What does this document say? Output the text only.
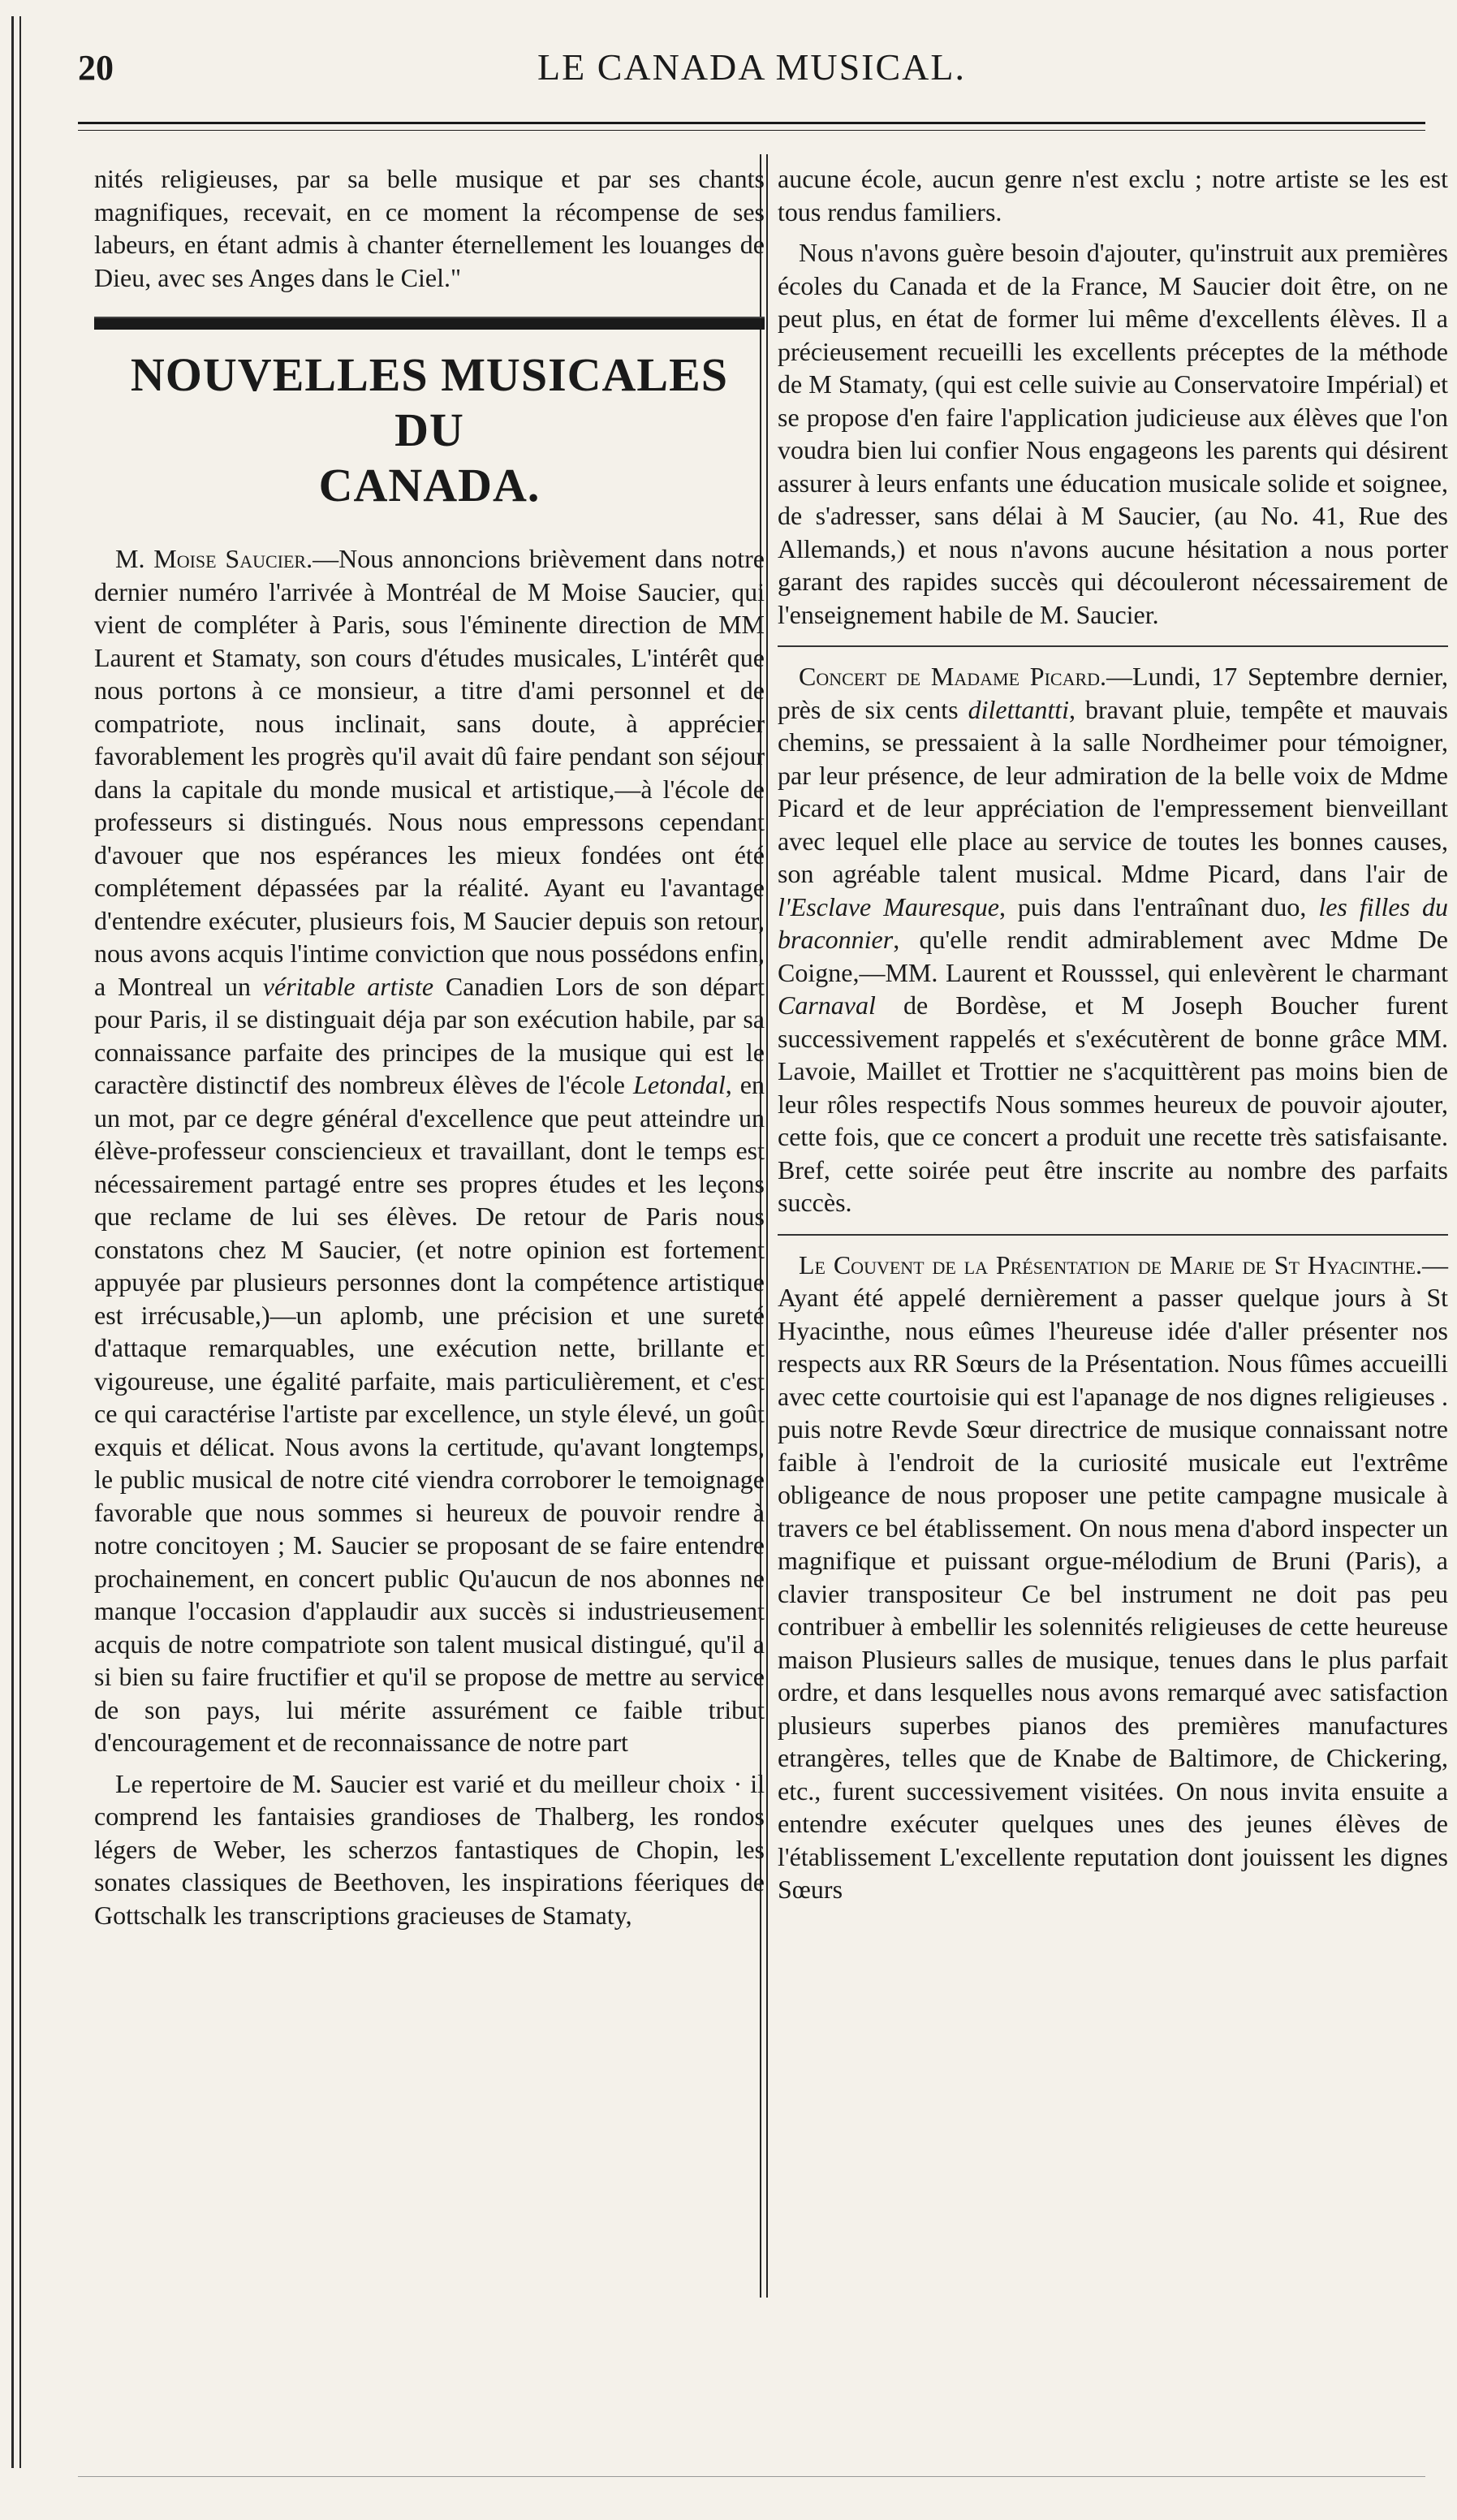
20	LE CANADA MUSICAL.

nités religieuses, par sa belle musique et par ses chants magnifiques, recevait, en ce moment la récompense de ses labeurs, en étant admis à chanter éternellement les louanges de Dieu, avec ses Anges dans le Ciel."

NOUVELLES MUSICALES DU
CANADA.

M. Moise Saucier.—Nous annoncions brièvement dans notre dernier numéro l'arrivée à Montréal de M Moise Saucier, qui vient de compléter à Paris, sous l'éminente direction de MM Laurent et Stamaty, son cours d'études musicales, L'intérêt que nous portons à ce monsieur, a titre d'ami personnel et de compatriote, nous inclinait, sans doute, à apprécier favorablement les progrès qu'il avait dû faire pendant son séjour dans la capitale du monde musical et artistique,—à l'école de professeurs si distingués. Nous nous empressons cependant d'avouer que nos espérances les mieux fondées ont été complétement dépassées par la réalité. Ayant eu l'avantage d'entendre exécuter, plusieurs fois, M Saucier depuis son retour, nous avons acquis l'intime conviction que nous possédons enfin, a Montreal un véritable artiste Canadien Lors de son départ pour Paris, il se distinguait déja par son exécution habile, par sa connaissance parfaite des principes de la musique qui est le caractère distinctif des nombreux élèves de l'école Letondal, en un mot, par ce degre général d'excellence que peut atteindre un élève-professeur consciencieux et travaillant, dont le temps est nécessairement partagé entre ses propres études et les leçons que reclame de lui ses élèves. De retour de Paris nous constatons chez M Saucier, (et notre opinion est fortement appuyée par plusieurs personnes dont la compétence artistique est irrécusable,)—un aplomb, une précision et une sureté d'attaque remarquables, une exécution nette, brillante et vigoureuse, une égalité parfaite, mais particulièrement, et c'est ce qui caractérise l'artiste par excellence, un style élevé, un goût exquis et délicat. Nous avons la certitude, qu'avant longtemps, le public musical de notre cité viendra corroborer le temoignage favorable que nous sommes si heureux de pouvoir rendre à notre concitoyen ; M. Saucier se proposant de se faire entendre prochainement, en concert public Qu'aucun de nos abonnes ne manque l'occasion d'applaudir aux succès si industrieusement acquis de notre compatriote son talent musical distingué, qu'il a si bien su faire fructifier et qu'il se propose de mettre au service de son pays, lui mérite assurément ce faible tribut d'encouragement et de reconnaissance de notre part

Le repertoire de M. Saucier est varié et du meilleur choix · il comprend les fantaisies grandioses de Thalberg, les rondos légers de Weber, les scherzos fantastiques de Chopin, les sonates classiques de Beethoven, les inspirations féeriques de Gottschalk les transcriptions gracieuses de Stamaty,

aucune école, aucun genre n'est exclu ; notre artiste se les est tous rendus familiers.

Nous n'avons guère besoin d'ajouter, qu'instruit aux premières écoles du Canada et de la France, M Saucier doit être, on ne peut plus, en état de former lui même d'excellents élèves. Il a précieusement recueilli les excellents préceptes de la méthode de M Stamaty, (qui est celle suivie au Conservatoire Impérial) et se propose d'en faire l'application judicieuse aux élèves que l'on voudra bien lui confier Nous engageons les parents qui désirent assurer à leurs enfants une éducation musicale solide et soignee, de s'adresser, sans délai à M Saucier, (au No. 41, Rue des Allemands,) et nous n'avons aucune hésitation a nous porter garant des rapides succès qui découleront nécessairement de l'enseignement habile de M. Saucier.

Concert de Madame Picard.—Lundi, 17 Septembre dernier, près de six cents dilettantti, bravant pluie, tempête et mauvais chemins, se pressaient à la salle Nordheimer pour témoigner, par leur présence, de leur admiration de la belle voix de Mdme Picard et de leur appréciation de l'empressement bienveillant avec lequel elle place au service de toutes les bonnes causes, son agréable talent musical. Mdme Picard, dans l'air de l'Esclave Mauresque, puis dans l'entraînant duo, les filles du braconnier, qu'elle rendit admirablement avec Mdme De Coigne,—MM. Laurent et Rousssel, qui enlevèrent le charmant Carnaval de Bordèse, et M Joseph Boucher furent successivement rappelés et s'exécutèrent de bonne grâce MM. Lavoie, Maillet et Trottier ne s'acquittèrent pas moins bien de leur rôles respectifs Nous sommes heureux de pouvoir ajouter, cette fois, que ce concert a produit une recette très satisfaisante. Bref, cette soirée peut être inscrite au nombre des parfaits succès.

Le Couvent de la Présentation de Marie de St Hyacinthe.—Ayant été appelé dernièrement a passer quelque jours à St Hyacinthe, nous eûmes l'heureuse idée d'aller présenter nos respects aux RR Sœurs de la Présentation. Nous fûmes accueilli avec cette courtoisie qui est l'apanage de nos dignes religieuses . puis notre Revde Sœur directrice de musique connaissant notre faible à l'endroit de la curiosité musicale eut l'extrême obligeance de nous proposer une petite campagne musicale à travers ce bel établissement. On nous mena d'abord inspecter un magnifique et puissant orgue-mélodium de Bruni (Paris), a clavier transpositeur Ce bel instrument ne doit pas peu contribuer à embellir les solennités religieuses de cette heureuse maison Plusieurs salles de musique, tenues dans le plus parfait ordre, et dans lesquelles nous avons remarqué avec satisfaction plusieurs superbes pianos des premières manufactures etrangères, telles que de Knabe de Baltimore, de Chickering, etc., furent successivement visitées. On nous invita ensuite a entendre exécuter quelques unes des jeunes élèves de l'établissement L'excellente reputation dont jouissent les dignes Sœurs
